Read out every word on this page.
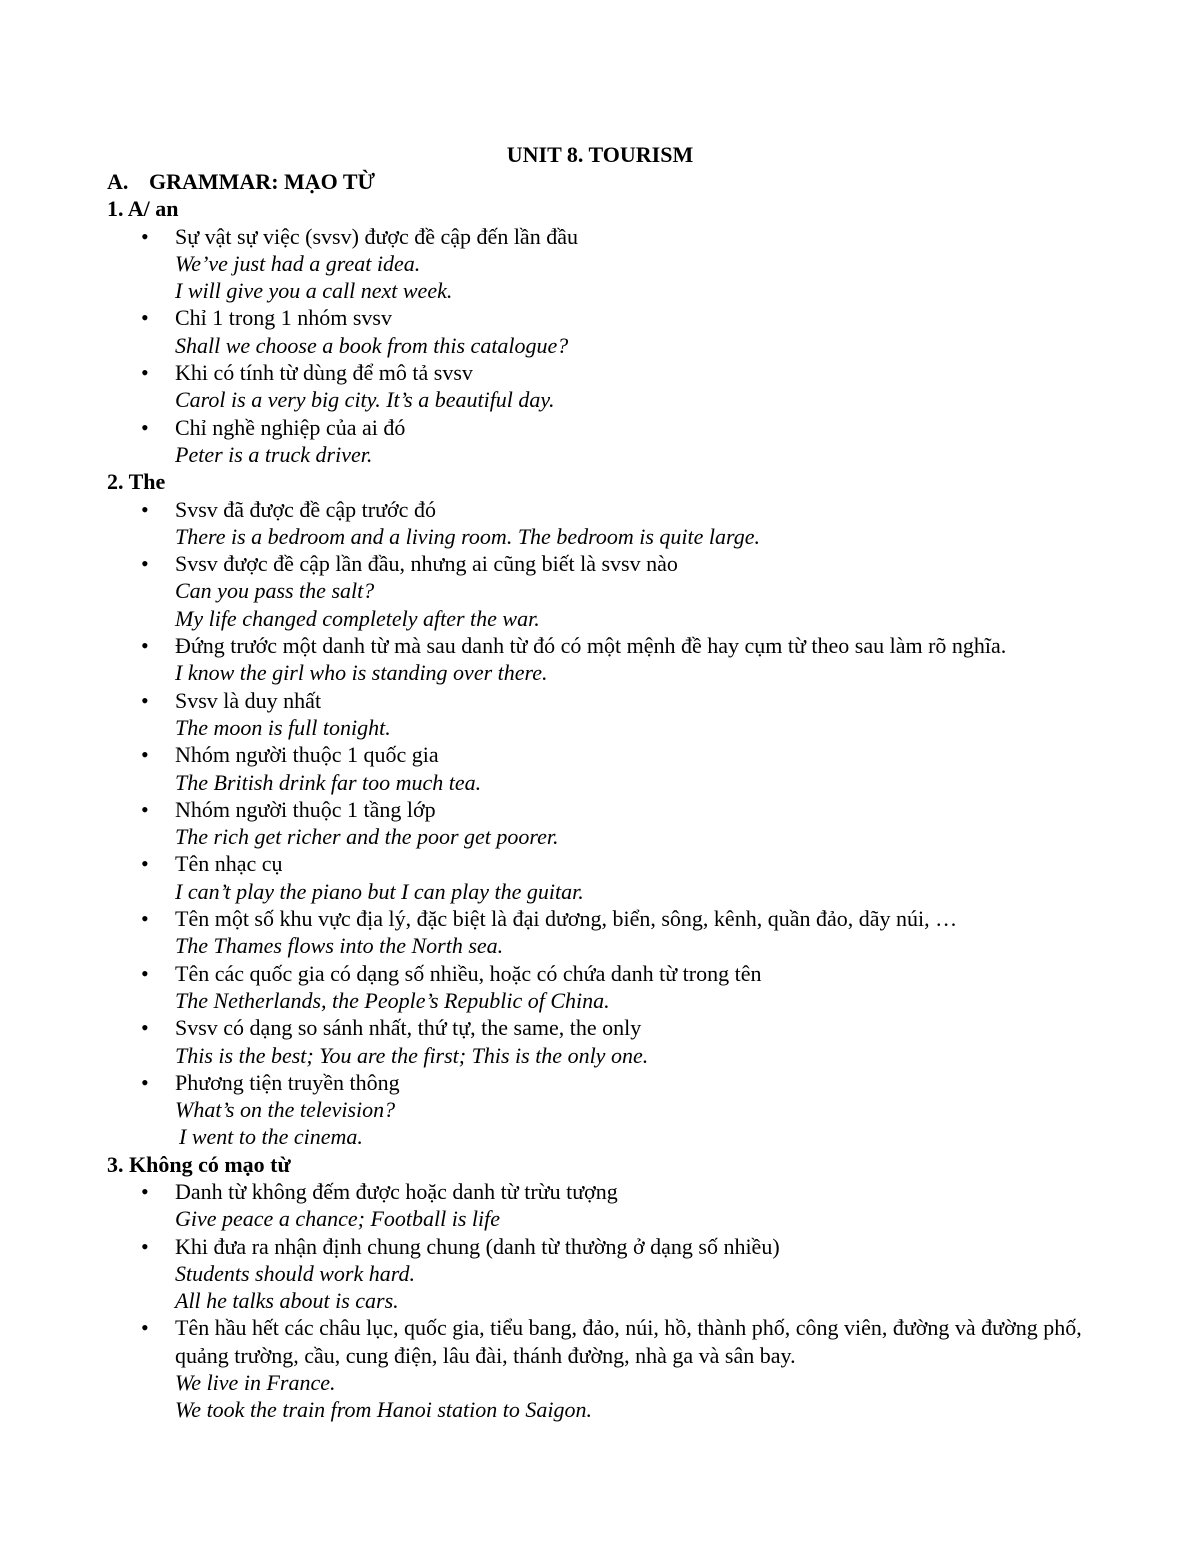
UNIT 8. TOURISM
A. GRAMMAR: MẠO TỪ
1. A/ an
• Sự vật sự việc (svsv) được đề cập đến lần đầu
We’ve just had a great idea.
I will give you a call next week.
• Chỉ 1 trong 1 nhóm svsv
Shall we choose a book from this catalogue?
• Khi có tính từ dùng để mô tả svsv
Carol is a very big city. It’s a beautiful day.
• Chỉ nghề nghiệp của ai đó
Peter is a truck driver.
2. The
• Svsv đã được đề cập trước đó
There is a bedroom and a living room. The bedroom is quite large.
• Svsv được đề cập lần đầu, nhưng ai cũng biết là svsv nào
Can you pass the salt?
My life changed completely after the war.
• Đứng trước một danh từ mà sau danh từ đó có một mệnh đề hay cụm từ theo sau làm rõ nghĩa.
I know the girl who is standing over there.
• Svsv là duy nhất
The moon is full tonight.
• Nhóm người thuộc 1 quốc gia
The British drink far too much tea.
• Nhóm người thuộc 1 tầng lớp
The rich get richer and the poor get poorer.
• Tên nhạc cụ
I can’t play the piano but I can play the guitar.
• Tên một số khu vực địa lý, đặc biệt là đại dương, biển, sông, kênh, quần đảo, dãy núi, …
The Thames flows into the North sea.
• Tên các quốc gia có dạng số nhiều, hoặc có chứa danh từ trong tên
The Netherlands, the People’s Republic of China.
• Svsv có dạng so sánh nhất, thứ tự, the same, the only
This is the best; You are the first; This is the only one.
• Phương tiện truyền thông
What’s on the television?
I went to the cinema.
3. Không có mạo từ
• Danh từ không đếm được hoặc danh từ trừu tượng
Give peace a chance; Football is life
• Khi đưa ra nhận định chung chung (danh từ thường ở dạng số nhiều)
Students should work hard.
All he talks about is cars.
• Tên hầu hết các châu lục, quốc gia, tiểu bang, đảo, núi, hồ, thành phố, công viên, đường và đường phố, quảng trường, cầu, cung điện, lâu đài, thánh đường, nhà ga và sân bay.
We live in France.
We took the train from Hanoi station to Saigon.
